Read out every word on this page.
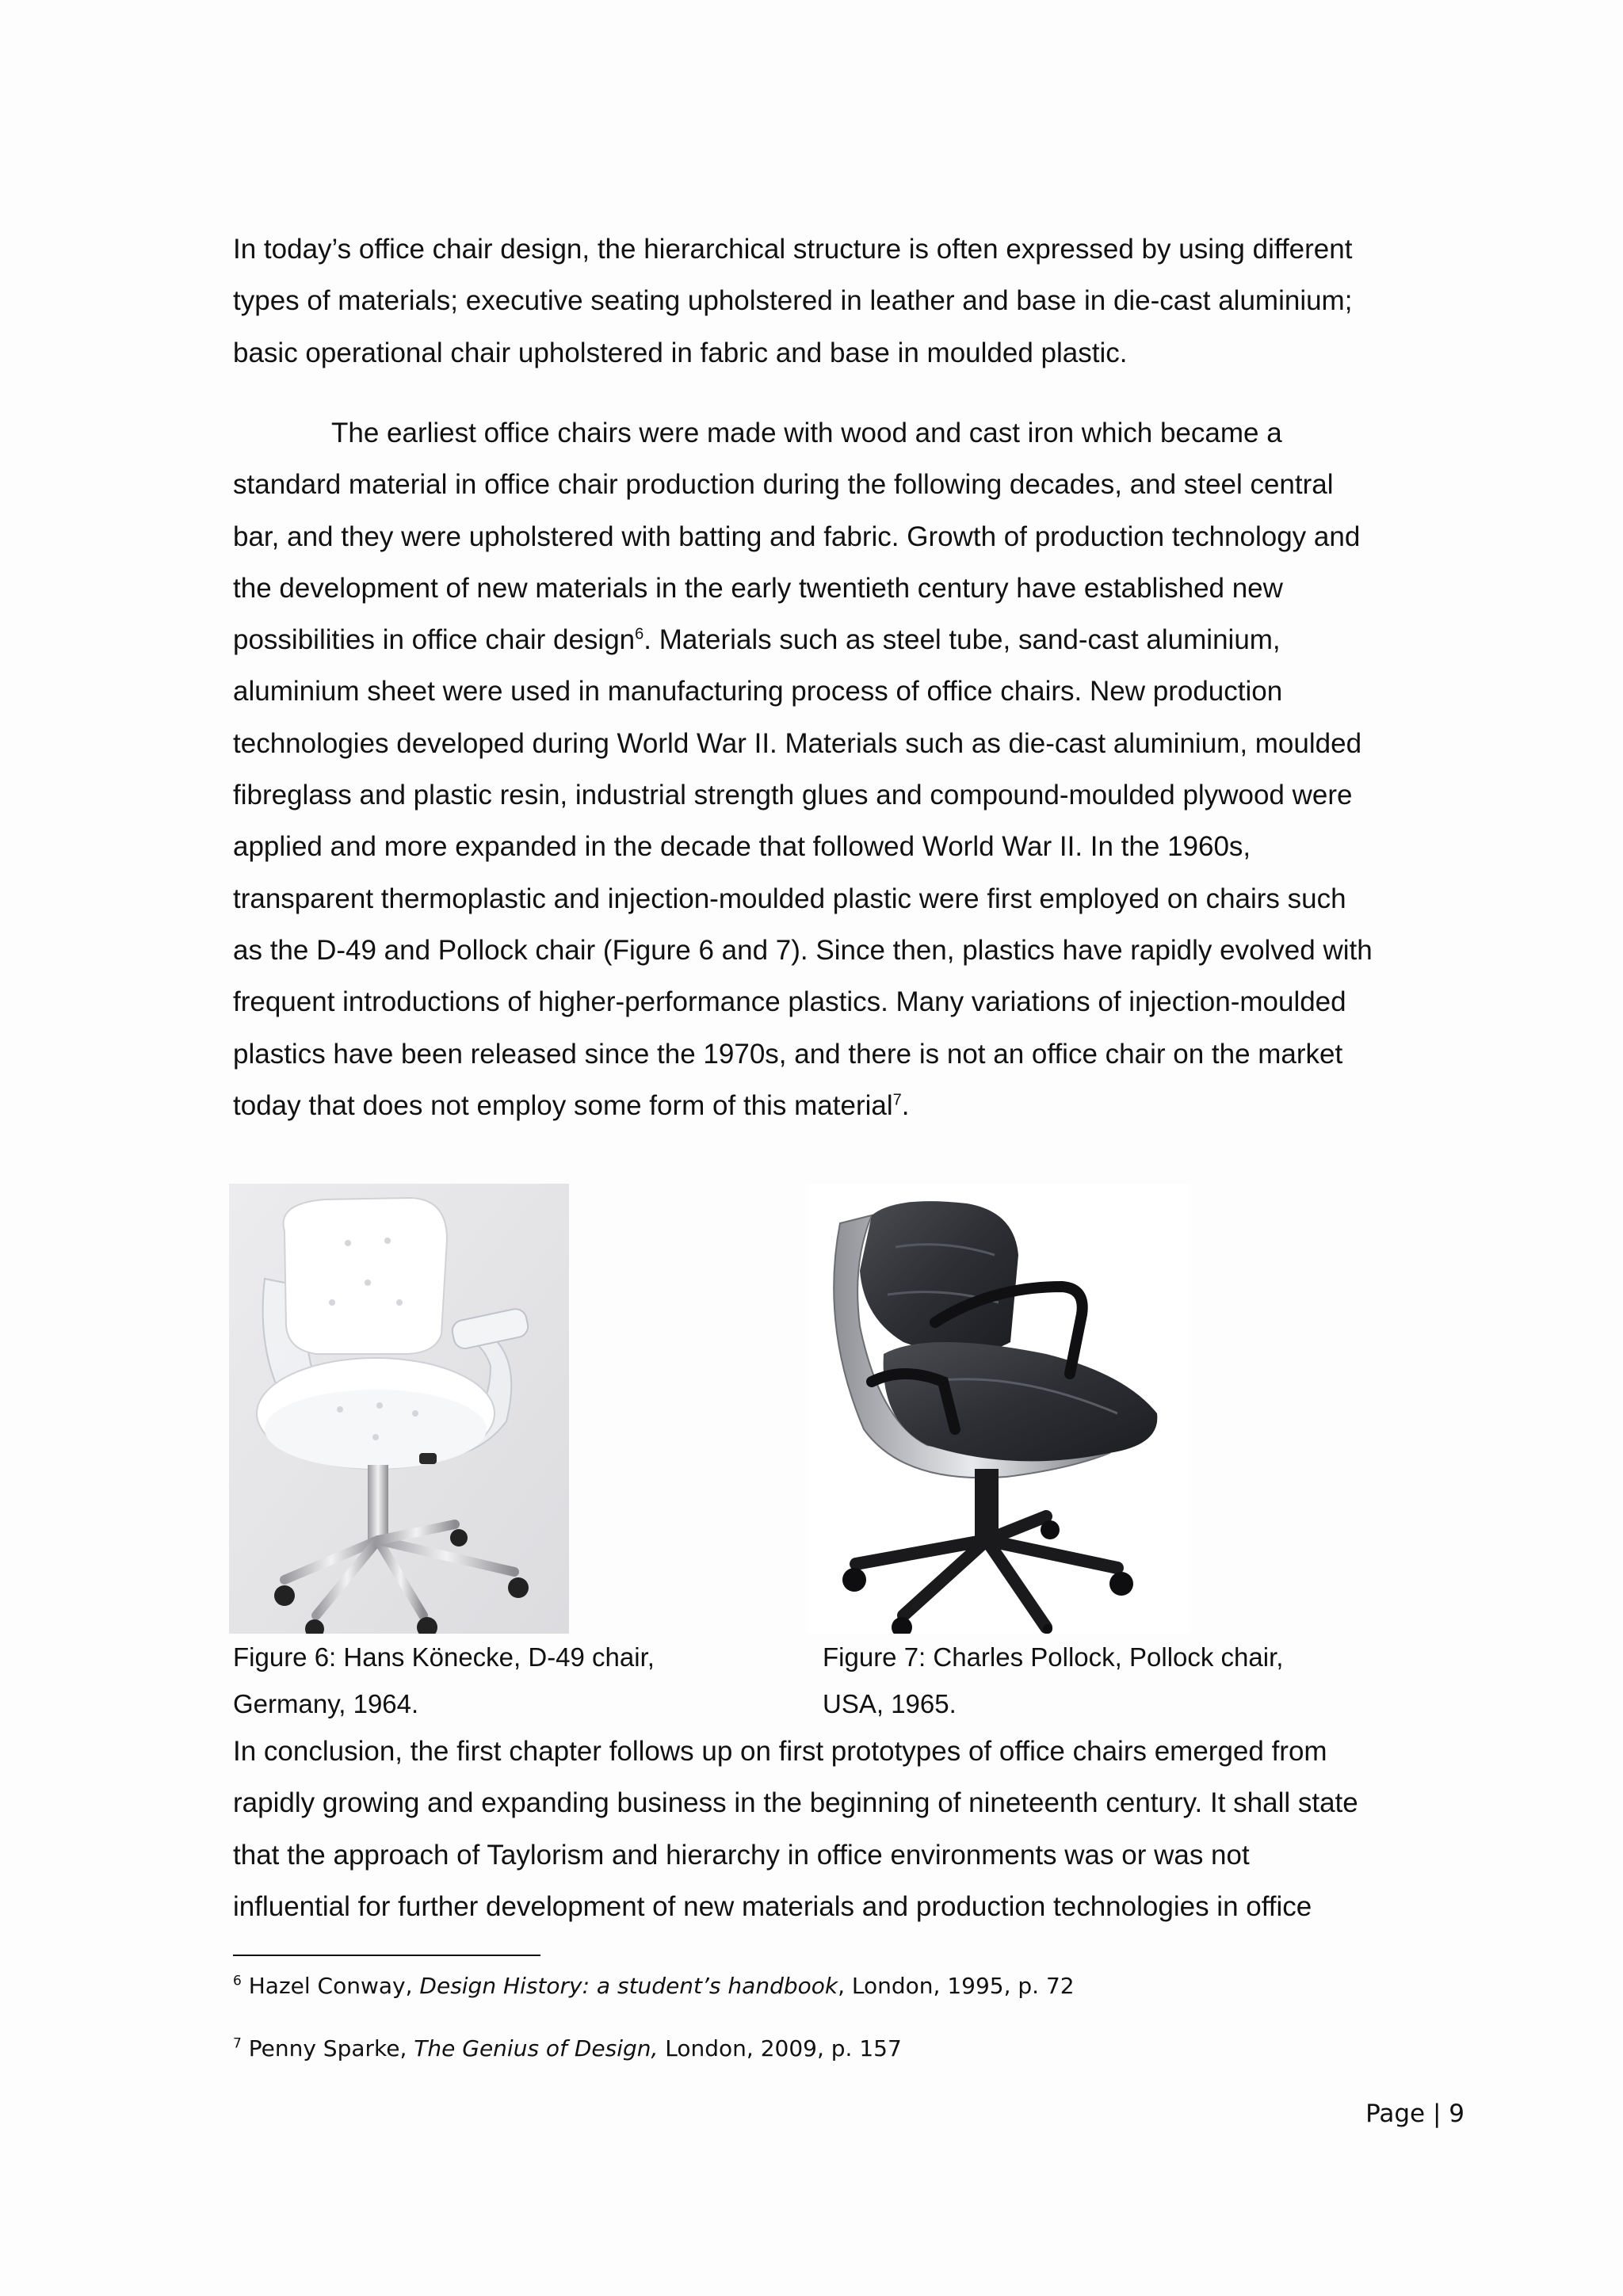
In today’s office chair design, the hierarchical structure is often expressed by using different
types of materials; executive seating upholstered in leather and base in die-cast aluminium;
basic operational chair upholstered in fabric and base in moulded plastic.

The earliest office chairs were made with wood and cast iron which became a
standard material in office chair production during the following decades, and steel central
bar, and they were upholstered with batting and fabric. Growth of production technology and
the development of new materials in the early twentieth century have established new
possibilities in office chair design$^6$. Materials such as steel tube, sand-cast aluminium,
aluminium sheet were used in manufacturing process of office chairs. New production
technologies developed during World War II. Materials such as die-cast aluminium, moulded
fibreglass and plastic resin, industrial strength glues and compound-moulded plywood were
applied and more expanded in the decade that followed World War II. In the 1960s,
transparent thermoplastic and injection-moulded plastic were first employed on chairs such
as the D-49 and Pollock chair (Figure 6 and 7). Since then, plastics have rapidly evolved with
frequent introductions of higher-performance plastics. Many variations of injection-moulded
plastics have been released since the 1970s, and there is not an office chair on the market
today that does not employ some form of this material$^7$.

Figure 6: Hans Könecke, D-49 chair,
Germany, 1964.

Figure 7: Charles Pollock, Pollock chair,
USA, 1965.

In conclusion, the first chapter follows up on first prototypes of office chairs emerged from
rapidly growing and expanding business in the beginning of nineteenth century. It shall state
that the approach of Taylorism and hierarchy in office environments was or was not
influential for further development of new materials and production technologies in office

$^6$ Hazel Conway, Design History: a student’s handbook, London, 1995, p. 72

$^7$ Penny Sparke, The Genius of Design, London, 2009, p. 157

Page | 9
